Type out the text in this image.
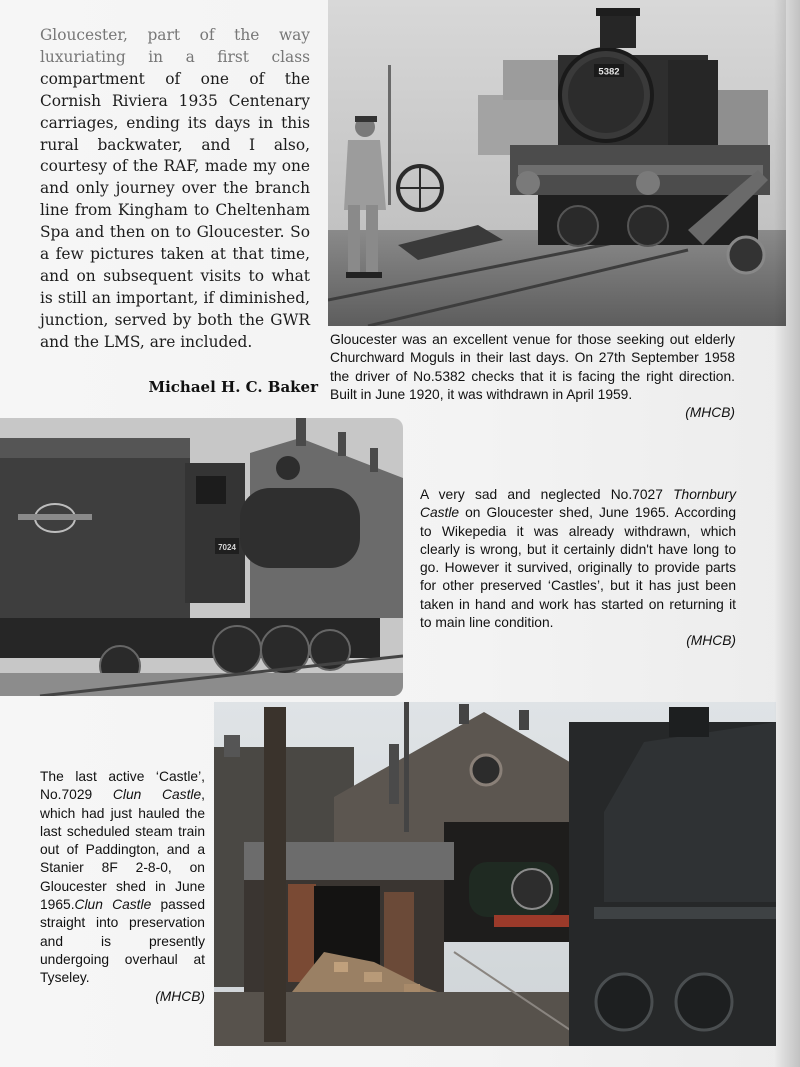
Gloucester, part of the way luxuriating in a first class compartment of one of the Cornish Riviera 1935 Centenary carriages, ending its days in this rural backwater, and I also, courtesy of the RAF, made my one and only journey over the branch line from Kingham to Cheltenham Spa and then on to Gloucester. So a few pictures taken at that time, and on subsequent visits to what is still an important, if diminished, junction, served by both the GWR and the LMS, are included.

Michael H. C. Baker
5382

Gloucester was an excellent venue for those seeking out elderly Churchward Moguls in their last days. On 27th September 1958 the driver of No.5382 checks that it is facing the right direction. Built in June 1920, it was withdrawn in April 1959.
(MHCB)

7024

A very sad and neglected No.7027 Thornbury Castle on Gloucester shed, June 1965. According to Wikepedia it was already withdrawn, which clearly is wrong, but it certainly didn't have long to go. However it survived, originally to provide parts for other preserved ‘Castles’, but it has just been taken in hand and work has started on returning it to main line condition.
(MHCB)

The last active ‘Castle’, No.7029 Clun Castle, which had just hauled the last scheduled steam train out of Paddington, and a Stanier 8F 2-8-0, on Gloucester shed in June 1965.Clun Castle passed straight into preservation and is presently undergoing overhaul at Tyseley.
(MHCB)
